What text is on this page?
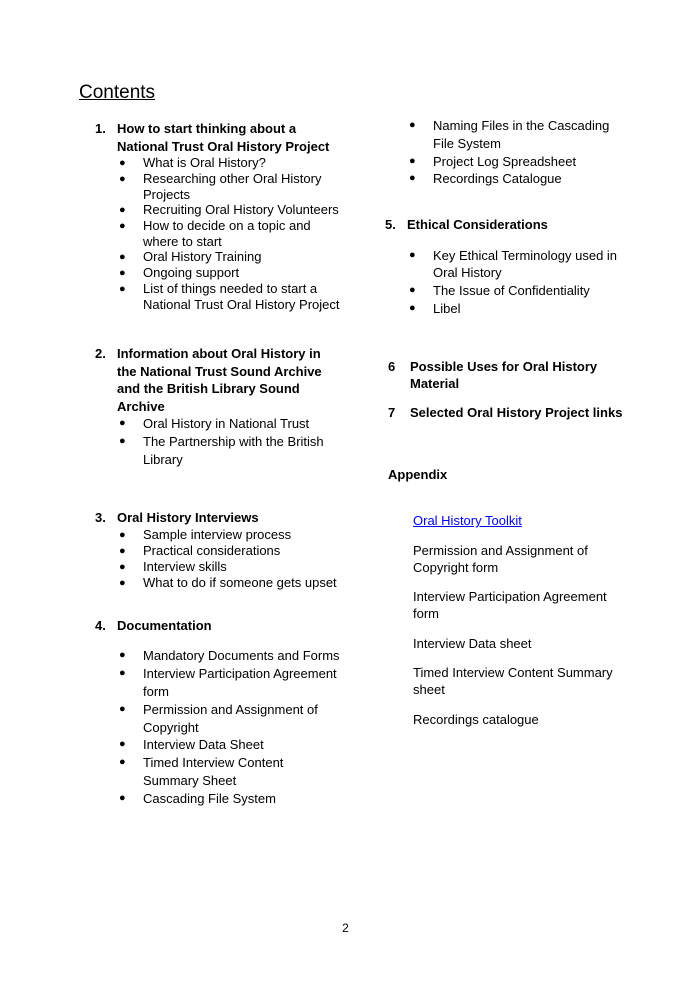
Contents
1. How to start thinking about a National Trust Oral History Project
●	What is Oral History?
●	Researching other Oral History Projects
●	Recruiting Oral History Volunteers
●	How to decide on a topic and where to start
●	Oral History Training
●	Ongoing support
●	List of things needed to start a National Trust Oral History Project
2. Information about Oral History in the National Trust Sound Archive and the British Library Sound Archive
●	Oral History in National Trust
●	The Partnership with the British Library
3. Oral History Interviews
●	Sample interview process
●	Practical considerations
●	Interview skills
●	What to do if someone gets upset
4. Documentation
●	Mandatory Documents and Forms
●	Interview Participation Agreement form
●	Permission and Assignment of Copyright
●	Interview Data Sheet
●	Timed Interview Content Summary Sheet
●	Cascading File System
●	Naming Files in the Cascading File System
●	Project Log Spreadsheet
●	Recordings Catalogue
5. Ethical Considerations
●	Key Ethical Terminology used in Oral History
●	The Issue of Confidentiality
●	Libel
6	Possible Uses for Oral History Material
7	Selected Oral History Project links
Appendix
Oral History Toolkit
Permission and Assignment of Copyright form
Interview Participation Agreement form
Interview Data sheet
Timed Interview Content Summary sheet
Recordings catalogue
2
